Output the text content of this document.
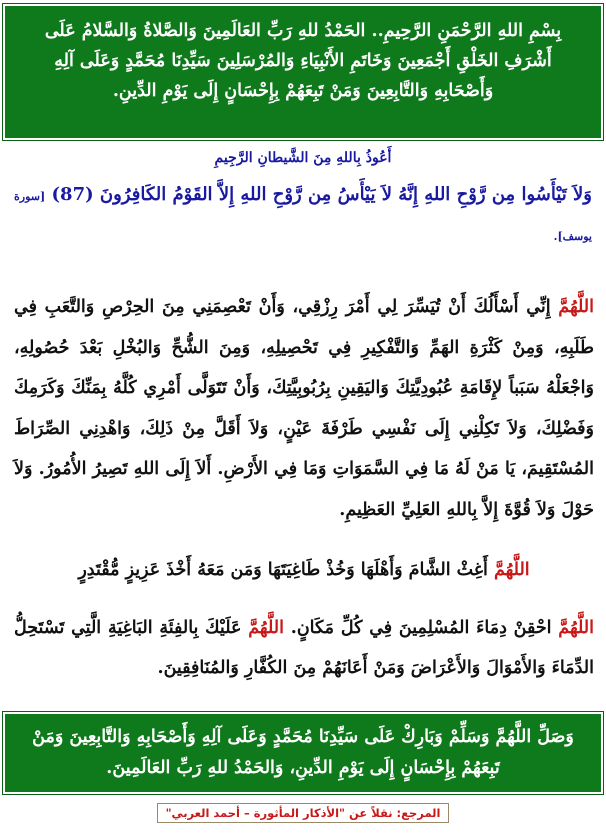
بِسْمِ اللهِ الرَّحْمَنِ الرَّحِيمِ.. الحَمْدُ للهِ رَبِّ العَالَمِينَ وَالصَّلاةُ وَالسَّلامُ عَلَى أَشْرَفِ الخَلْقِ أَجْمَعِينَ وَخَاتَمِ الأَنْبِيَاءِ وَالمُرْسَلِينَ سَيِّدِنَا مُحَمَّدٍ وَعَلَى آلِهِ وَأَصْحَابِهِ وَالتَّابِعِينَ وَمَنْ تَبِعَهُمْ بِإِحْسَانٍ إِلَى يَوْمِ الدِّينِ.
أَعُوذُ بِاللهِ مِنَ الشَّيطانِ الرَّجِيمِ
وَلاَ تَيْأَسُوا مِن رَّوْحِ اللهِ إِنَّهُ لاَ يَيْأَسُ مِن رَّوْحِ اللهِ إِلاَّ القَوْمُ الكَافِرُونَ (87) [سورة يوسف].
اللَّهُمَّ إِنِّي أَسْأَلُكَ أَنْ تُيَسِّرَ لِي أَمْرَ رِزْقِي، وَأَنْ تَعْصِمَنِي مِنَ الحِرْصِ وَالتَّعَبِ فِي طَلَبِهِ، وَمِنْ كَثْرَةِ الهَمِّ وَالتَّفْكِيرِ فِي تَحْصِيلِهِ، وَمِنَ الشُّحِّ وَالبُخْلِ بَعْدَ حُصُولِهِ، وَاجْعَلْهُ سَبَباً لإِقَامَةِ عُبُودِيَّتِكَ وَاليَقِينِ بِرُبُوبِيَّتِكَ، وَأَنْ تَتَوَلَّى أَمْرِي كُلَّهُ بِمَنِّكَ وَكَرَمِكَ وَفَضْلِكَ، وَلاَ تَكِلْنِي إِلَى نَفْسِي طَرْفَةَ عَيْنٍ، وَلاَ أَقَلَّ مِنْ ذَلِكَ، وَاهْدِنِي الصِّرَاطَ المُسْتَقِيمَ، يَا مَنْ لَهُ مَا فِي السَّمَوَاتِ وَمَا فِي الأَرْضِ. أَلاَ إِلَى اللهِ تَصِيرُ الأُمُورُ. وَلاَ حَوْلَ وَلاَ قُوَّةَ إِلاَّ بِاللهِ العَلِيِّ العَظِيمِ.
اللَّهُمَّ أَغِثْ الشَّامَ وَأَهْلَهَا وَخُذْ طَاغِيَتَهَا وَمَن مَعَهُ أَخْذَ عَزِيزٍ مُّقْتَدِرٍ
اللَّهُمَّ احْقِنْ دِمَاءَ المُسْلِمِينَ فِي كُلِّ مَكَانٍ. اللَّهُمَّ عَلَيْكَ بِالفِئَةِ البَاغِيَةِ الَّتِي تَسْتَحِلُّ الدِّمَاءَ وَالأَمْوَالَ وَالأَعْرَاضَ وَمَنْ أَعَانَهُمْ مِنَ الكُفَّارِ وَالمُنَافِقِينَ.
وَصَلِّ اللَّهُمَّ وَسَلِّمْ وَبَارِكْ عَلَى سَيِّدِنَا مُحَمَّدٍ وَعَلَى آلِهِ وَأَصْحَابِهِ وَالتَّابِعِينَ وَمَنْ تَبِعَهُمْ بِإِحْسَانٍ إِلَى يَوْمِ الدِّينِ، وَالحَمْدُ للهِ رَبِّ العَالَمِينَ.
المرجع: نقلاً عن "الأذكار المأثورة – أحمد العربي"
